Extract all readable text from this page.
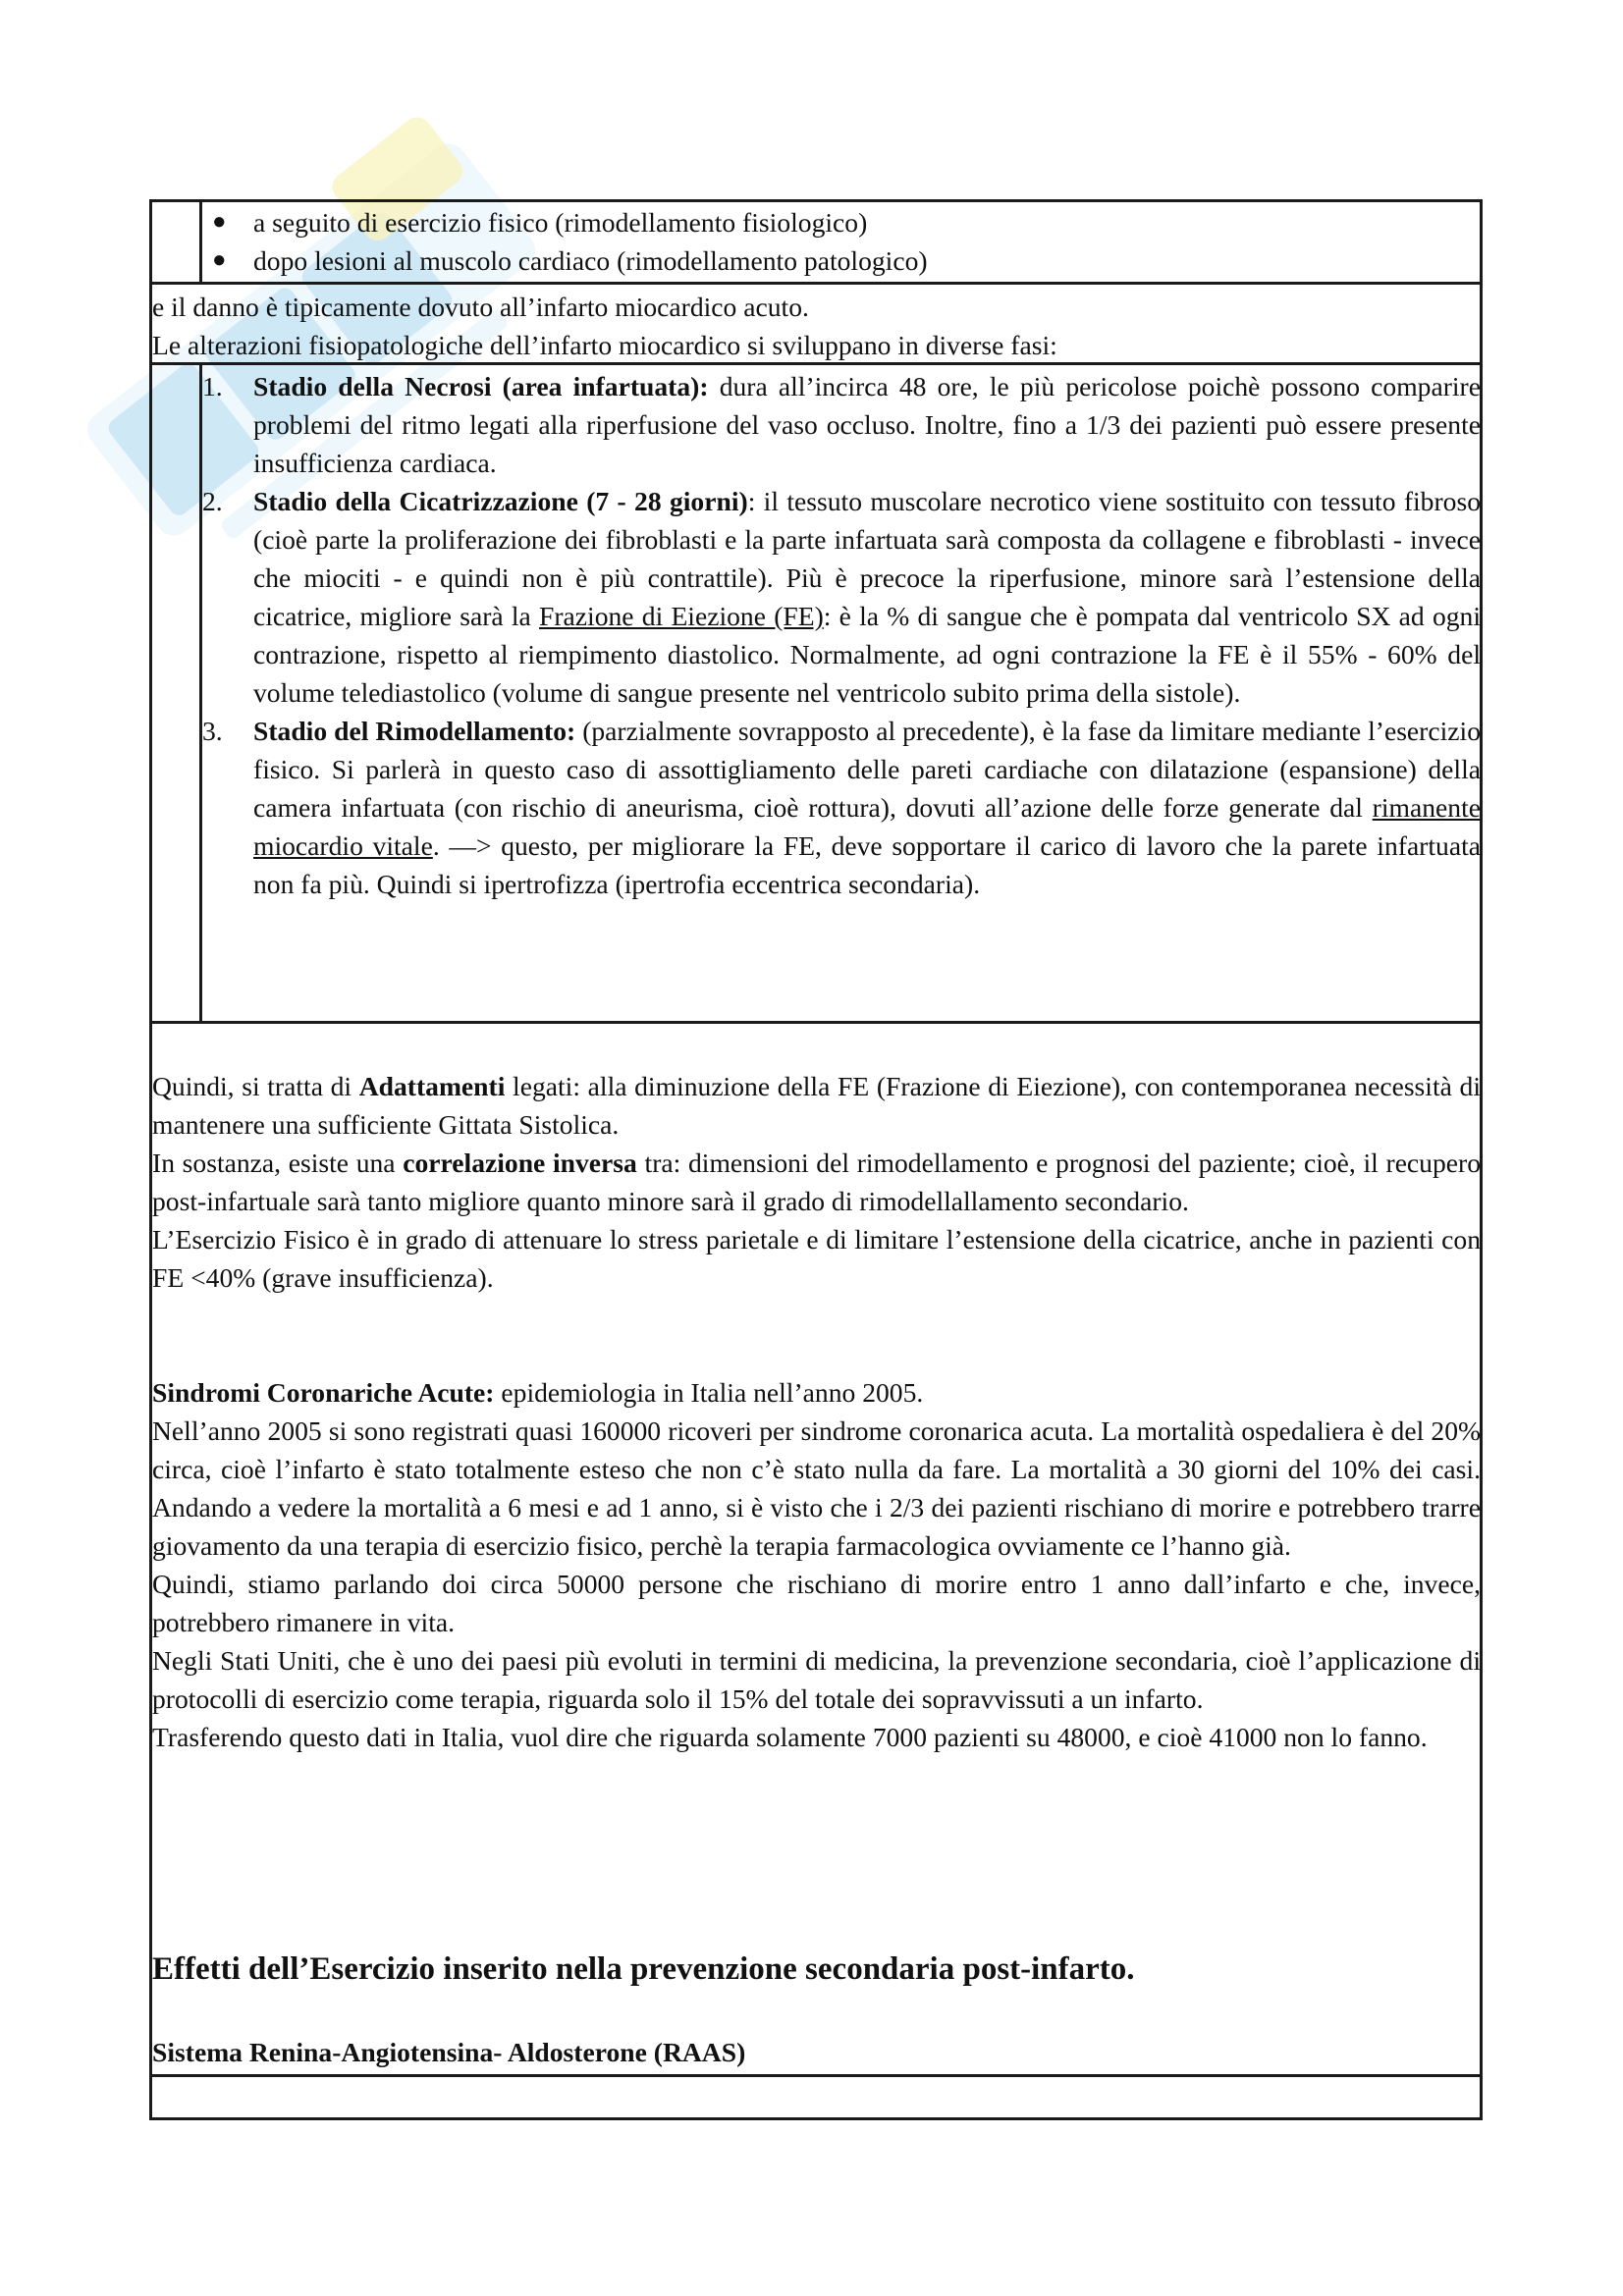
● a seguito di esercizio fisico (rimodellamento fisiologico)
● dopo lesioni al muscolo cardiaco (rimodellamento patologico)
e il danno è tipicamente dovuto all’infarto miocardico acuto.
Le alterazioni fisiopatologiche dell’infarto miocardico si sviluppano in diverse fasi:
1.	Stadio della Necrosi (area infartuata): dura all’incirca 48 ore, le più pericolose poichè possono comparire problemi del ritmo legati alla riperfusione del vaso occluso. Inoltre, fino a 1/3 dei pazienti può essere presente insufficienza cardiaca.
2.	Stadio della Cicatrizzazione (7 - 28 giorni): il tessuto muscolare necrotico viene sostituito con tessuto fibroso (cioè parte la proliferazione dei fibroblasti e la parte infartuata sarà composta da collagene e fibroblasti - invece che miociti - e quindi non è più contrattile). Più è precoce la riperfusione, minore sarà l’estensione della cicatrice, migliore sarà la Frazione di Eiezione (FE): è la % di sangue che è pompata dal ventricolo SX ad ogni contrazione, rispetto al riempimento diastolico. Normalmente, ad ogni contrazione la FE è il 55% - 60% del volume telediastolico (volume di sangue presente nel ventricolo subito prima della sistole).
3.	Stadio del Rimodellamento: (parzialmente sovrapposto al precedente), è la fase da limitare mediante l’esercizio fisico. Si parlerà in questo caso di assottigliamento delle pareti cardiache con dilatazione (espansione) della camera infartuata (con rischio di aneurisma, cioè rottura), dovuti all’azione delle forze generate dal rimanente miocardio vitale. —> questo, per migliorare la FE, deve sopportare il carico di lavoro che la parete infartuata non fa più. Quindi si ipertrofizza (ipertrofia eccentrica secondaria).
Quindi, si tratta di Adattamenti legati: alla diminuzione della FE (Frazione di Eiezione), con contemporanea necessità di mantenere una sufficiente Gittata Sistolica.
In sostanza, esiste una correlazione inversa tra: dimensioni del rimodellamento e prognosi del paziente; cioè, il recupero post-infartuale sarà tanto migliore quanto minore sarà il grado di rimodellallamento secondario.
L’Esercizio Fisico è in grado di attenuare lo stress parietale e di limitare l’estensione della cicatrice, anche in pazienti con FE <40% (grave insufficienza).
Sindromi Coronariche Acute: epidemiologia in Italia nell’anno 2005.
Nell’anno 2005 si sono registrati quasi 160000 ricoveri per sindrome coronarica acuta. La mortalità ospedaliera è del 20% circa, cioè l’infarto è stato totalmente esteso che non c’è stato nulla da fare. La mortalità a 30 giorni del 10% dei casi. Andando a vedere la mortalità a 6 mesi e ad 1 anno, si è visto che i 2/3 dei pazienti rischiano di morire e potrebbero trarre giovamento da una terapia di esercizio fisico, perchè la terapia farmacologica ovviamente ce l’hanno già.
Quindi, stiamo parlando doi circa 50000 persone che rischiano di morire entro 1 anno dall’infarto e che, invece, potrebbero rimanere in vita.
Negli Stati Uniti, che è uno dei paesi più evoluti in termini di medicina, la prevenzione secondaria, cioè l’applicazione di protocolli di esercizio come terapia, riguarda solo il 15% del totale dei sopravvissuti a un infarto.
Trasferendo questo dati in Italia, vuol dire che riguarda solamente 7000 pazienti su 48000, e cioè 41000 non lo fanno.
Effetti dell’Esercizio inserito nella prevenzione secondaria post-infarto.
Sistema Renina-Angiotensina- Aldosterone (RAAS)
